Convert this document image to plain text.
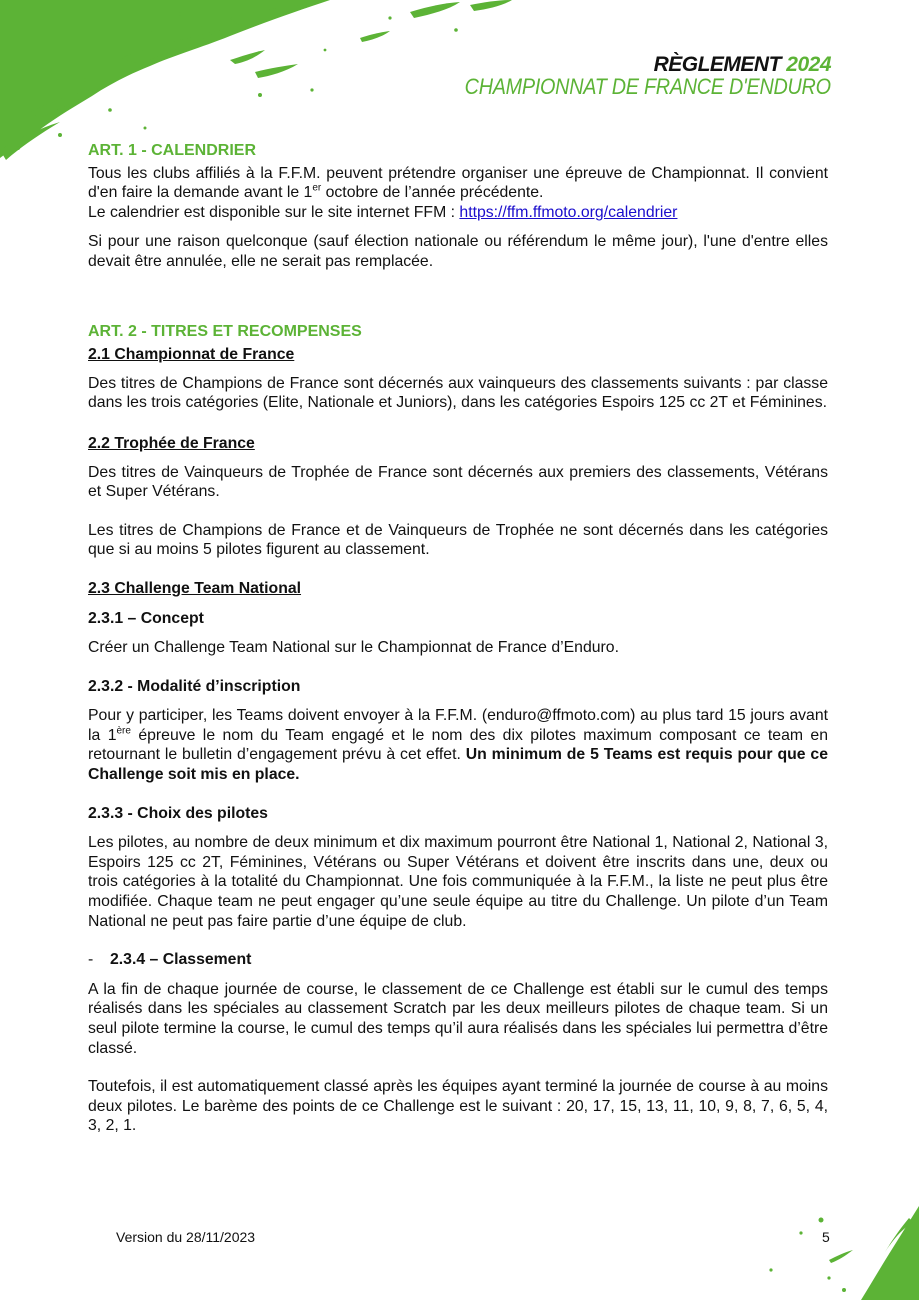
RÈGLEMENT 2024
CHAMPIONNAT DE FRANCE D'ENDURO
ART. 1 - CALENDRIER

Tous les clubs affiliés à la F.F.M. peuvent prétendre organiser une épreuve de Championnat. Il convient d'en faire la demande avant le 1er octobre de l’année précédente.
Le calendrier est disponible sur le site internet FFM : https://ffm.ffmoto.org/calendrier

Si pour une raison quelconque (sauf élection nationale ou référendum le même jour), l'une d'entre elles devait être annulée, elle ne serait pas remplacée.

ART. 2 - TITRES ET RECOMPENSES
2.1 Championnat de France

Des titres de Champions de France sont décernés aux vainqueurs des classements suivants : par classe dans les trois catégories (Elite, Nationale et Juniors), dans les catégories Espoirs 125 cc 2T et Féminines.

2.2 Trophée de France

Des titres de Vainqueurs de Trophée de France sont décernés aux premiers des classements, Vétérans et Super Vétérans.

Les titres de Champions de France et de Vainqueurs de Trophée ne sont décernés dans les catégories que si au moins 5 pilotes figurent au classement.

2.3 Challenge Team National
2.3.1 – Concept

Créer un Challenge Team National sur le Championnat de France d’Enduro.

2.3.2 - Modalité d’inscription

Pour y participer, les Teams doivent envoyer à la F.F.M. (enduro@ffmoto.com) au plus tard 15 jours avant la 1ère épreuve le nom du Team engagé et le nom des dix pilotes maximum composant ce team en retournant le bulletin d’engagement prévu à cet effet. Un minimum de 5 Teams est requis pour que ce Challenge soit mis en place.

2.3.3 - Choix des pilotes

Les pilotes, au nombre de deux minimum et dix maximum pourront être National 1, National 2, National 3, Espoirs 125 cc 2T, Féminines, Vétérans ou Super Vétérans et doivent être inscrits dans une, deux ou trois catégories à la totalité du Championnat. Une fois communiquée à la F.F.M., la liste ne peut plus être modifiée. Chaque team ne peut engager qu’une seule équipe au titre du Challenge. Un pilote d’un Team National ne peut pas faire partie d’une équipe de club.

- 2.3.4 – Classement

A la fin de chaque journée de course, le classement de ce Challenge est établi sur le cumul des temps réalisés dans les spéciales au classement Scratch par les deux meilleurs pilotes de chaque team. Si un seul pilote termine la course, le cumul des temps qu’il aura réalisés dans les spéciales lui permettra d’être classé.

Toutefois, il est automatiquement classé après les équipes ayant terminé la journée de course à au moins deux pilotes. Le barème des points de ce Challenge est le suivant : 20, 17, 15, 13, 11, 10, 9, 8, 7, 6, 5, 4, 3, 2, 1.

Version du 28/11/2023	5
